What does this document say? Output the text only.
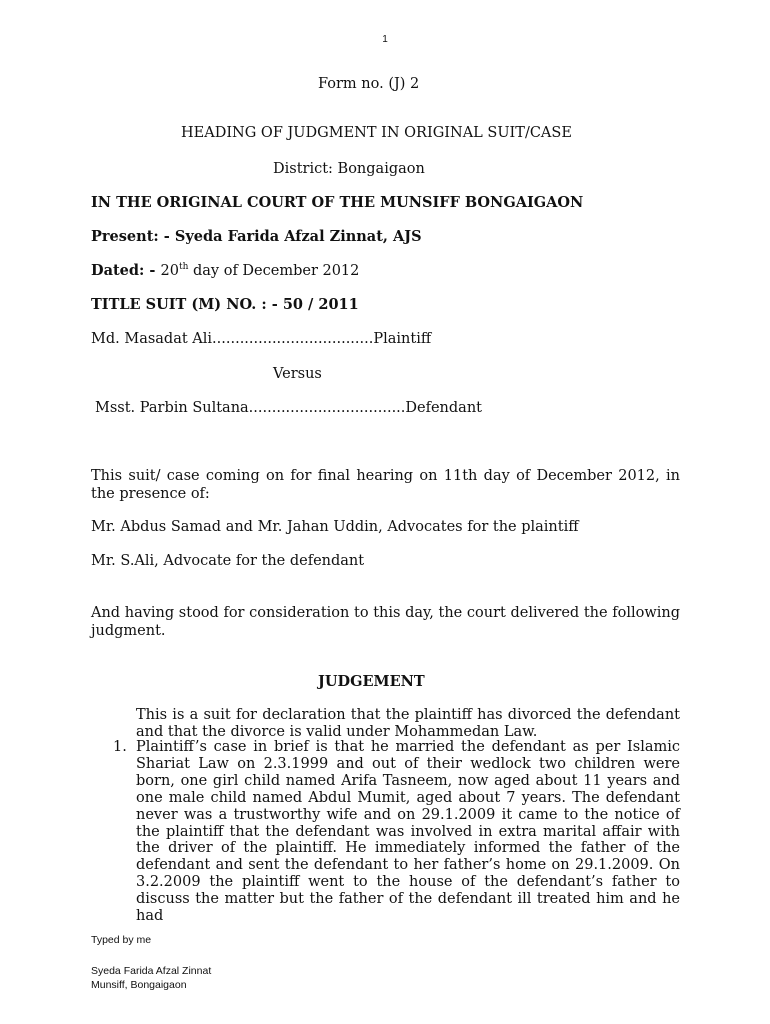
1
Form no. (J) 2
HEADING OF JUDGMENT IN ORIGINAL SUIT/CASE
District: Bongaigaon
IN THE ORIGINAL COURT OF THE MUNSIFF BONGAIGAON
Present: - Syeda Farida Afzal Zinnat, AJS
Dated: - 20th day of December 2012
TITLE SUIT (M) NO. : - 50 / 2011
Md. Masadat Ali...................................Plaintiff
Versus
Msst. Parbin Sultana..................................Defendant

This suit/ case coming on for final hearing on 11th day of December 2012, in the presence of:

Mr. Abdus Samad and Mr. Jahan Uddin, Advocates for the plaintiff
Mr. S.Ali, Advocate for the defendant

And having stood for consideration to this day, the court delivered the following judgment.

JUDGEMENT

This is a suit for declaration that the plaintiff has divorced the defendant and that the divorce is valid under Mohammedan Law.

1. Plaintiff’s case in brief is that he married the defendant as per Islamic Shariat Law on 2.3.1999 and out of their wedlock two children were born, one girl child named Arifa Tasneem, now aged about 11 years and one male child named Abdul Mumit, aged about 7 years. The defendant never was a trustworthy wife and on 29.1.2009 it came to the notice of the plaintiff that the defendant was involved in extra marital affair with the driver of the plaintiff. He immediately informed the father of the defendant and sent the defendant to her father’s home on 29.1.2009. On 3.2.2009 the plaintiff went to the house of the defendant’s father to discuss the matter but the father of the defendant ill treated him and he had
Typed by me
Syeda Farida Afzal Zinnat
Munsiff, Bongaigaon
